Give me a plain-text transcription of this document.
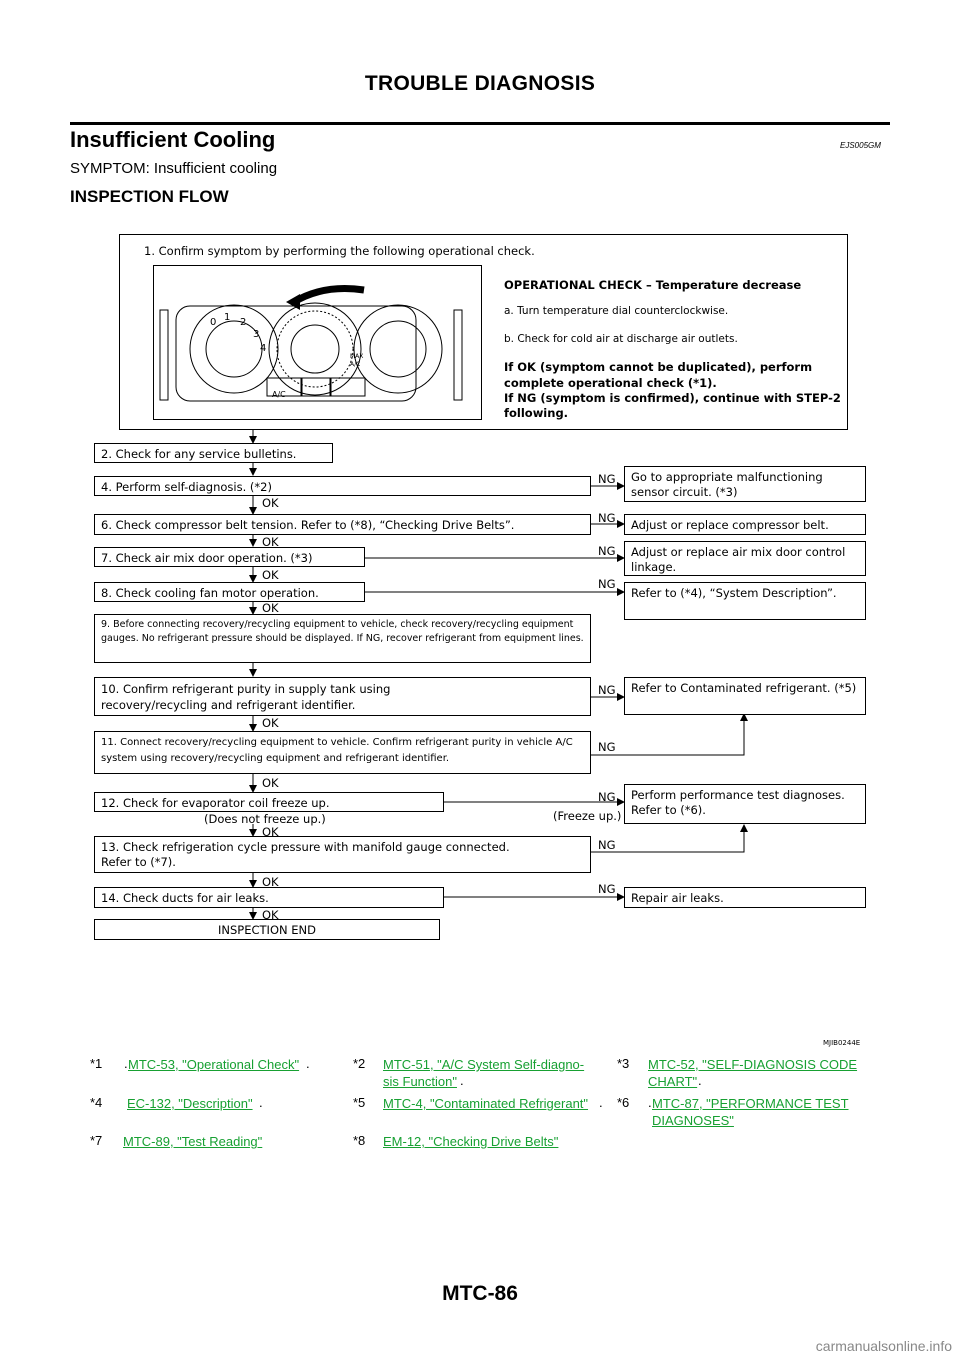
TROUBLE DIAGNOSIS
Insufficient Cooling	EJS005GM
SYMPTOM: Insufficient cooling
INSPECTION FLOW
1. Confirm symptom by performing the following operational check.
0 1 2
3
4
MAX
A/C
A/C
OPERATIONAL CHECK – Temperature decrease
a. Turn temperature dial counterclockwise.
b. Check for cold air at discharge air outlets.
If OK (symptom cannot be duplicated), perform
complete operational check (*1).
If NG (symptom is confirmed), continue with STEP-2
following.
2. Check for any service bulletins.
4. Perform self-diagnosis. (*2)
6. Check compressor belt tension. Refer to (*8), “Checking Drive Belts”.
7. Check air mix door operation. (*3)
8. Check cooling fan motor operation.
9. Before connecting recovery/recycling equipment to vehicle, check recovery/recycling equipment gauges. No refrigerant pressure should be displayed. If NG, recover refrigerant from equipment lines.
10. Confirm refrigerant purity in supply tank using recovery/recycling and refrigerant identifier.
11. Connect recovery/recycling equipment to vehicle. Confirm refrigerant purity in vehicle A/C system using recovery/recycling equipment and refrigerant identifier.
12. Check for evaporator coil freeze up.
13. Check refrigeration cycle pressure with manifold gauge connected. Refer to (*7).
14. Check ducts for air leaks.
INSPECTION END
Go to appropriate malfunctioning sensor circuit. (*3)
Adjust or replace compressor belt.
Adjust or replace air mix door control linkage.
Refer to (*4), “System Description”.
Refer to Contaminated refrigerant. (*5)
Perform performance test diagnoses. Refer to (*6).
Repair air leaks.
OK
OK
OK
OK
OK
OK
OK
OK
OK
(Does not freeze up.)
NG
NG
NG
NG
NG
NG
NG
(Freeze up.)
NG
NG
MJIB0244E
*1 . MTC-53, "Operational Check" .	*2 MTC-51, "A/C System Self-diagno-sis Function" .
*3 MTC-52, "SELF-DIAGNOSIS CODE CHART" .
*4 EC-132, "Description" .	*5 MTC-4, "Contaminated Refrigerant" . *6 . MTC-87, "PERFORMANCE TEST DIAGNOSES"
*7 MTC-89, "Test Reading"	*8 EM-12, "Checking Drive Belts"
MTC-86
carmanualsonline.info
